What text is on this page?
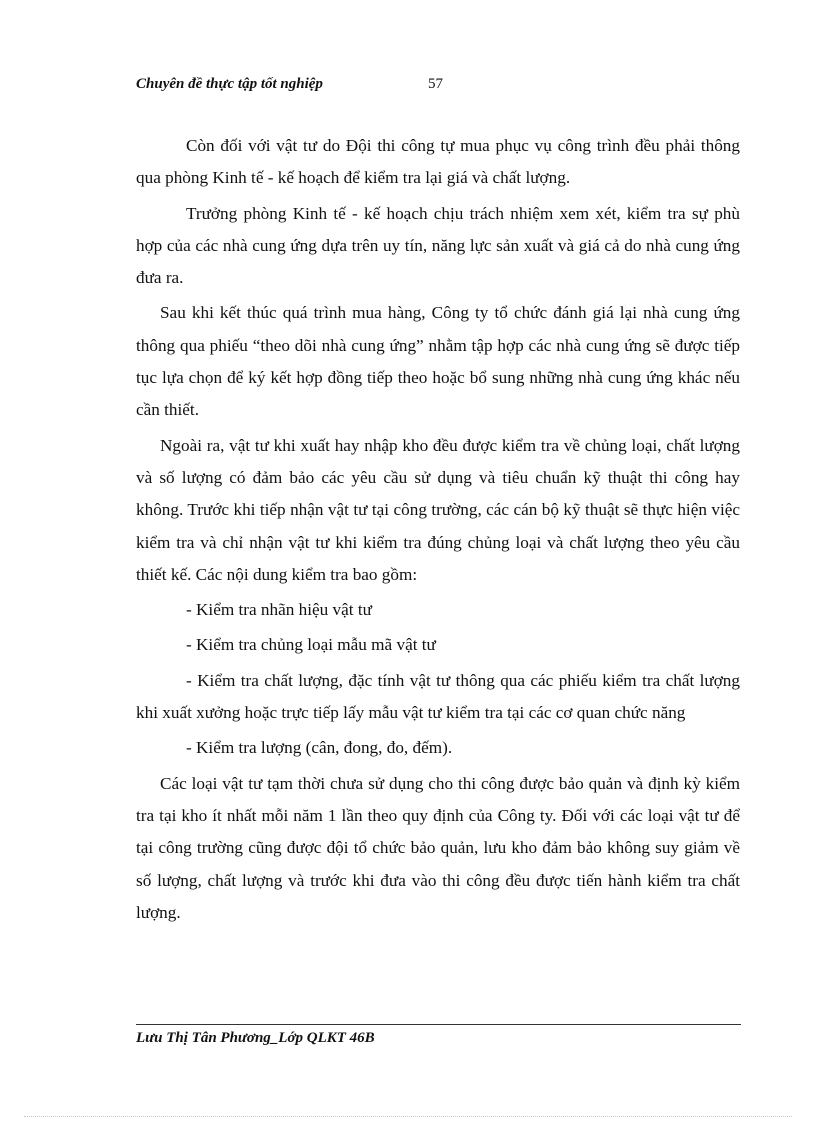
Chuyên đề thực tập tốt nghiệp	57

Còn đối với vật tư do Đội thi công tự mua phục vụ công trình đều phải thông qua phòng Kinh tế - kế hoạch để kiểm tra lại giá và chất lượng.

Trưởng phòng Kinh tế - kế hoạch chịu trách nhiệm xem xét, kiểm tra sự phù hợp của các nhà cung ứng dựa trên uy tín, năng lực sản xuất và giá cả do nhà cung ứng đưa ra.

Sau khi kết thúc quá trình mua hàng, Công ty tổ chức đánh giá lại nhà cung ứng thông qua phiếu “theo dõi nhà cung ứng” nhằm tập hợp các nhà cung ứng sẽ được tiếp tục lựa chọn để ký kết hợp đồng tiếp theo hoặc bổ sung những nhà cung ứng khác nếu cần thiết.

Ngoài ra, vật tư khi xuất hay nhập kho đều được kiểm tra về chủng loại, chất lượng và số lượng có đảm bảo các yêu cầu sử dụng và tiêu chuẩn kỹ thuật thi công hay không. Trước khi tiếp nhận vật tư tại công trường, các cán bộ kỹ thuật sẽ thực hiện việc kiểm tra và chỉ nhận vật tư khi kiểm tra đúng chủng loại và chất lượng theo yêu cầu thiết kế. Các nội dung kiểm tra bao gồm:

- Kiểm tra nhãn hiệu vật tư

- Kiểm tra chủng loại mẫu mã vật tư

- Kiểm tra chất lượng, đặc tính vật tư thông qua các phiếu kiểm tra chất lượng khi xuất xưởng hoặc trực tiếp lấy mẫu vật tư kiểm tra tại các cơ quan chức năng

- Kiểm tra lượng (cân, đong, đo, đếm).

Các loại vật tư tạm thời chưa sử dụng cho thi công được bảo quản và định kỳ kiểm tra tại kho ít nhất mỗi năm 1 lần theo quy định của Công ty. Đối với các loại vật tư để tại công trường cũng được đội tổ chức bảo quản, lưu kho đảm bảo không suy giảm về số lượng, chất lượng và trước khi đưa vào thi công đều được tiến hành kiểm tra chất lượng.

Lưu Thị Tân Phương_Lớp QLKT 46B
